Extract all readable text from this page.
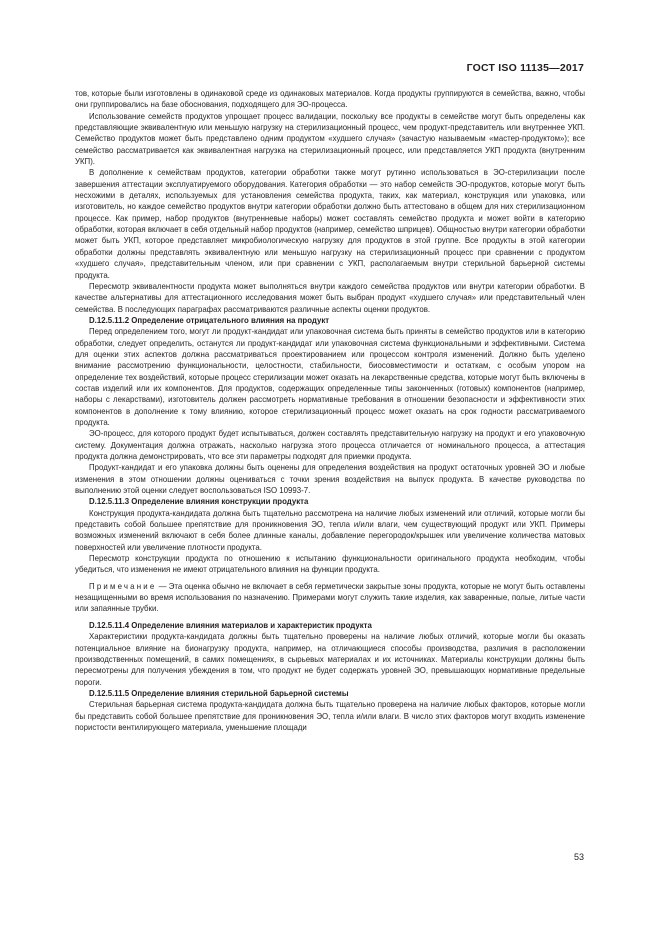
ГОСТ ISO 11135—2017

тов, которые были изготовлены в одинаковой среде из одинаковых материалов. Когда продукты группируются в семейства, важно, чтобы они группировались на базе обоснования, подходящего для ЭО-процесса.

Использование семейств продуктов упрощает процесс валидации, поскольку все продукты в семействе могут быть определены как представляющие эквивалентную или меньшую нагрузку на стерилизационный процесс, чем продукт-представитель или внутреннее УКП. Семейство продуктов может быть представлено одним продуктом «худшего случая» (зачастую называемым «мастер-продуктом»); все семейство рассматривается как эквивалентная нагрузка на стерилизационный процесс, или представляется УКП продукта (внутренним УКП).

В дополнение к семействам продуктов, категории обработки также могут рутинно использоваться в ЭО-стерилизации после завершения аттестации эксплуатируемого оборудования. Категория обработки — это набор семейств ЭО-продуктов, которые могут быть несхожими в деталях, используемых для установления семейства продукта, таких, как материал, конструкция или упаковка, или изготовитель, но каждое семейство продуктов внутри категории обработки должно быть аттестовано в общем для них стерилизационном процессе. Как пример, набор продуктов (внутренневые наборы) может составлять семейство продукта и может войти в категорию обработки, которая включает в себя отдельный набор продуктов (например, семейство шприцев). Общностью внутри категории обработки может быть УКП, которое представляет микробиологическую нагрузку для продуктов в этой группе. Все продукты в этой категории обработки должны представлять эквивалентную или меньшую нагрузку на стерилизационный процесс при сравнении с продуктом «худшего случая», представительным членом, или при сравнении с УКП, располагаемым внутри стерильной барьерной системы продукта.

Пересмотр эквивалентности продукта может выполняться внутри каждого семейства продуктов или внутри категории обработки. В качестве альтернативы для аттестационного исследования может быть выбран продукт «худшего случая» или представительный член семейства. В последующих параграфах рассматриваются различные аспекты оценки продуктов.

D.12.5.11.2 Определение отрицательного влияния на продукт

Перед определением того, могут ли продукт-кандидат или упаковочная система быть приняты в семейство продуктов или в категорию обработки, следует определить, останутся ли продукт-кандидат или упаковочная система функциональными и эффективными. Система для оценки этих аспектов должна рассматриваться проектированием или процессом контроля изменений. Должно быть уделено внимание рассмотрению функциональности, целостности, стабильности, биосовместимости и остаткам, с особым упором на определение тех воздействий, которые процесс стерилизации может оказать на лекарственные средства, которые могут быть включены в состав изделий или их компонентов. Для продуктов, содержащих определенные типы законченных (готовых) компонентов (например, наборы с лекарствами), изготовитель должен рассмотреть нормативные требования в отношении безопасности и эффективности этих компонентов в дополнение к тому влиянию, которое стерилизационный процесс может оказать на срок годности рассматриваемого продукта.

ЭО-процесс, для которого продукт будет испытываться, должен составлять представительную нагрузку на продукт и его упаковочную систему. Документация должна отражать, насколько нагрузка этого процесса отличается от номинального процесса, а аттестация продукта должна демонстрировать, что все эти параметры подходят для приемки продукта.

Продукт-кандидат и его упаковка должны быть оценены для определения воздействия на продукт остаточных уровней ЭО и любые изменения в этом отношении должны оцениваться с точки зрения воздействия на выпуск продукта. В качестве руководства по выполнению этой оценки следует воспользоваться ISO 10993-7.

D.12.5.11.3 Определение влияния конструкции продукта

Конструкция продукта-кандидата должна быть тщательно рассмотрена на наличие любых изменений или отличий, которые могли бы представить собой большее препятствие для проникновения ЭО, тепла и/или влаги, чем существующий продукт или УКП. Примеры возможных изменений включают в себя более длинные каналы, добавление перегородок/крышек или увеличение количества матовых поверхностей или увеличение плотности продукта.

Пересмотр конструкции продукта по отношению к испытанию функциональности оригинального продукта необходим, чтобы убедиться, что изменения не имеют отрицательного влияния на функции продукта.

Примечание — Эта оценка обычно не включает в себя герметически закрытые зоны продукта, которые не могут быть оставлены незащищенными во время использования по назначению. Примерами могут служить такие изделия, как заваренные, полые, литые части или запаянные трубки.

D.12.5.11.4 Определение влияния материалов и характеристик продукта

Характеристики продукта-кандидата должны быть тщательно проверены на наличие любых отличий, которые могли бы оказать потенциальное влияние на бионагрузку продукта, например, на отличающиеся способы производства, различия в расположении производственных помещений, в самих помещениях, в сырьевых материалах и их источниках. Материалы конструкции должны быть пересмотрены для получения убеждения в том, что продукт не будет содержать уровней ЭО, превышающих нормативные предельные пороги.

D.12.5.11.5 Определение влияния стерильной барьерной системы

Стерильная барьерная система продукта-кандидата должна быть тщательно проверена на наличие любых факторов, которые могли бы представить собой большее препятствие для проникновения ЭО, тепла и/или влаги. В число этих факторов могут входить изменение пористости вентилирующего материала, уменьшение площади

53
